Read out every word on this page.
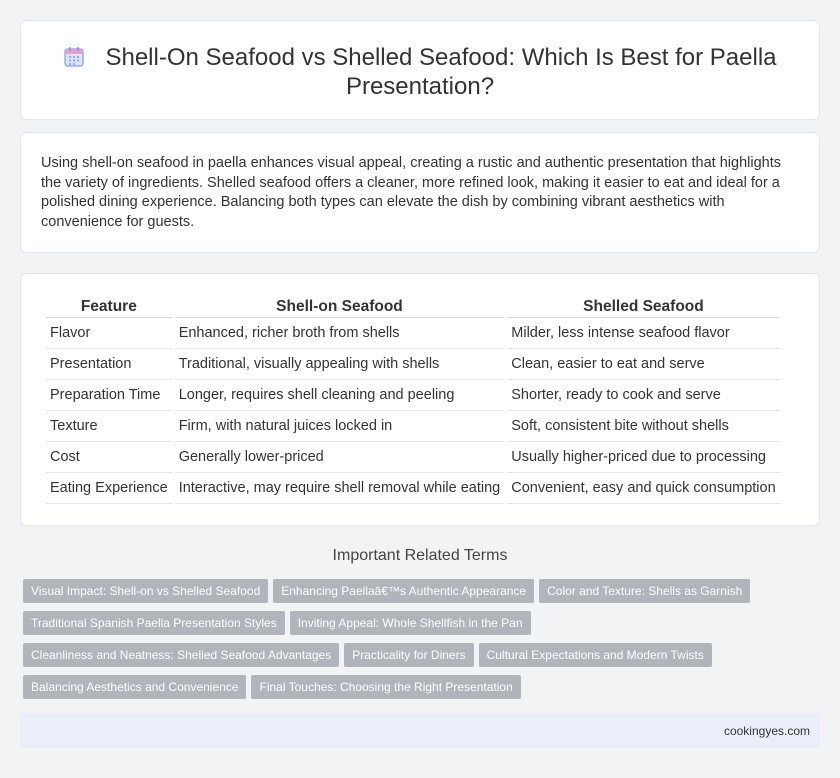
Shell-On Seafood vs Shelled Seafood: Which Is Best for Paella Presentation?

Using shell-on seafood in paella enhances visual appeal, creating a rustic and authentic presentation that highlights the variety of ingredients. Shelled seafood offers a cleaner, more refined look, making it easier to eat and ideal for a polished dining experience. Balancing both types can elevate the dish by combining vibrant aesthetics with convenience for guests.

Feature	Shell-on Seafood	Shelled Seafood
Flavor	Enhanced, richer broth from shells	Milder, less intense seafood flavor
Presentation	Traditional, visually appealing with shells	Clean, easier to eat and serve
Preparation Time	Longer, requires shell cleaning and peeling	Shorter, ready to cook and serve
Texture	Firm, with natural juices locked in	Soft, consistent bite without shells
Cost	Generally lower-priced	Usually higher-priced due to processing
Eating Experience	Interactive, may require shell removal while eating	Convenient, easy and quick consumption
Important Related Terms
Visual Impact: Shell-on vs Shelled Seafood Enhancing Paellaâ€™s Authentic Appearance Color and Texture: Shells as Garnish
Traditional Spanish Paella Presentation Styles Inviting Appeal: Whole Shellfish in the Pan
Cleanliness and Neatness: Shelled Seafood Advantages Practicality for Diners Cultural Expectations and Modern Twists
Balancing Aesthetics and Convenience Final Touches: Choosing the Right Presentation
cookingyes.com
